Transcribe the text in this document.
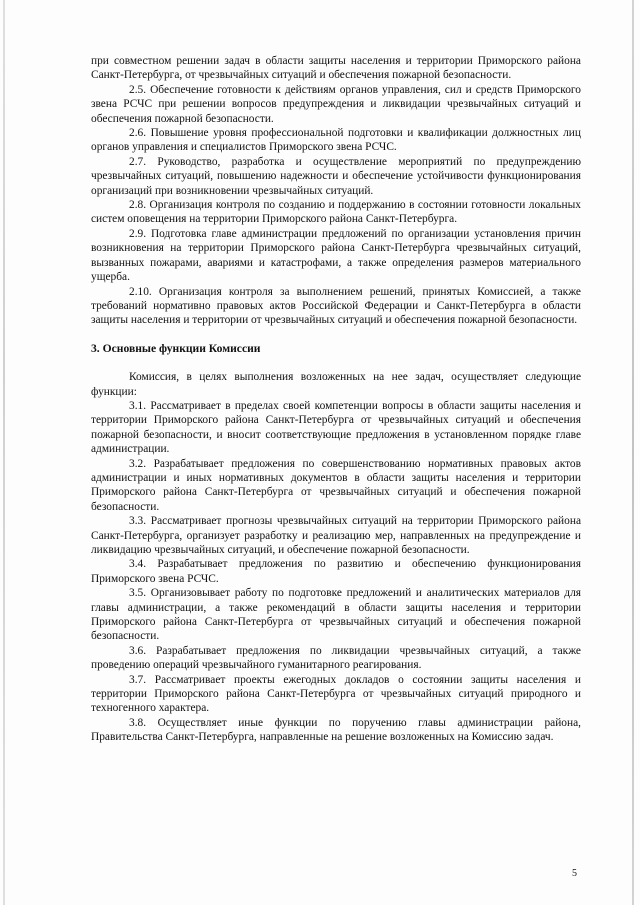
при совместном решении задач в области защиты населения и территории Приморского района Санкт-Петербурга, от чрезвычайных ситуаций и обеспечения пожарной безопасности.

2.5. Обеспечение готовности к действиям органов управления, сил и средств Приморского звена РСЧС при решении вопросов предупреждения и ликвидации чрезвычайных ситуаций и обеспечения пожарной безопасности.

2.6. Повышение уровня профессиональной подготовки и квалификации должностных лиц органов управления и специалистов Приморского звена РСЧС.

2.7. Руководство, разработка и осуществление мероприятий по предупреждению чрезвычайных ситуаций, повышению надежности и обеспечение устойчивости функционирования организаций при возникновении чрезвычайных ситуаций.

2.8. Организация контроля по созданию и поддержанию в состоянии готовности локальных систем оповещения на территории Приморского района Санкт-Петербурга.

2.9. Подготовка главе администрации предложений по организации установления причин возникновения на территории Приморского района Санкт-Петербурга чрезвычайных ситуаций, вызванных пожарами, авариями и катастрофами, а также определения размеров материального ущерба.

2.10. Организация контроля за выполнением решений, принятых Комиссией, а также требований нормативно правовых актов Российской Федерации и Санкт-Петербурга в области защиты населения и территории от чрезвычайных ситуаций и обеспечения пожарной безопасности.

3. Основные функции Комиссии

Комиссия, в целях выполнения возложенных на нее задач, осуществляет следующие функции:

3.1. Рассматривает в пределах своей компетенции вопросы в области защиты населения и территории Приморского района Санкт-Петербурга от чрезвычайных ситуаций и обеспечения пожарной безопасности, и вносит соответствующие предложения в установленном порядке главе администрации.

3.2. Разрабатывает предложения по совершенствованию нормативных правовых актов администрации и иных нормативных документов в области защиты населения и территории Приморского района Санкт-Петербурга от чрезвычайных ситуаций и обеспечения пожарной безопасности.

3.3. Рассматривает прогнозы чрезвычайных ситуаций на территории Приморского района Санкт-Петербурга, организует разработку и реализацию мер, направленных на предупреждение и ликвидацию чрезвычайных ситуаций, и обеспечение пожарной безопасности.

3.4. Разрабатывает предложения по развитию и обеспечению функционирования Приморского звена РСЧС.

3.5. Организовывает работу по подготовке предложений и аналитических материалов для главы администрации, а также рекомендаций в области защиты населения и территории Приморского района Санкт-Петербурга от чрезвычайных ситуаций и обеспечения пожарной безопасности.

3.6. Разрабатывает предложения по ликвидации чрезвычайных ситуаций, а также проведению операций чрезвычайного гуманитарного реагирования.

3.7. Рассматривает проекты ежегодных докладов о состоянии защиты населения и территории Приморского района Санкт-Петербурга от чрезвычайных ситуаций природного и техногенного характера.

3.8. Осуществляет иные функции по поручению главы администрации района, Правительства Санкт-Петербурга, направленные на решение возложенных на Комиссию задач.

5
